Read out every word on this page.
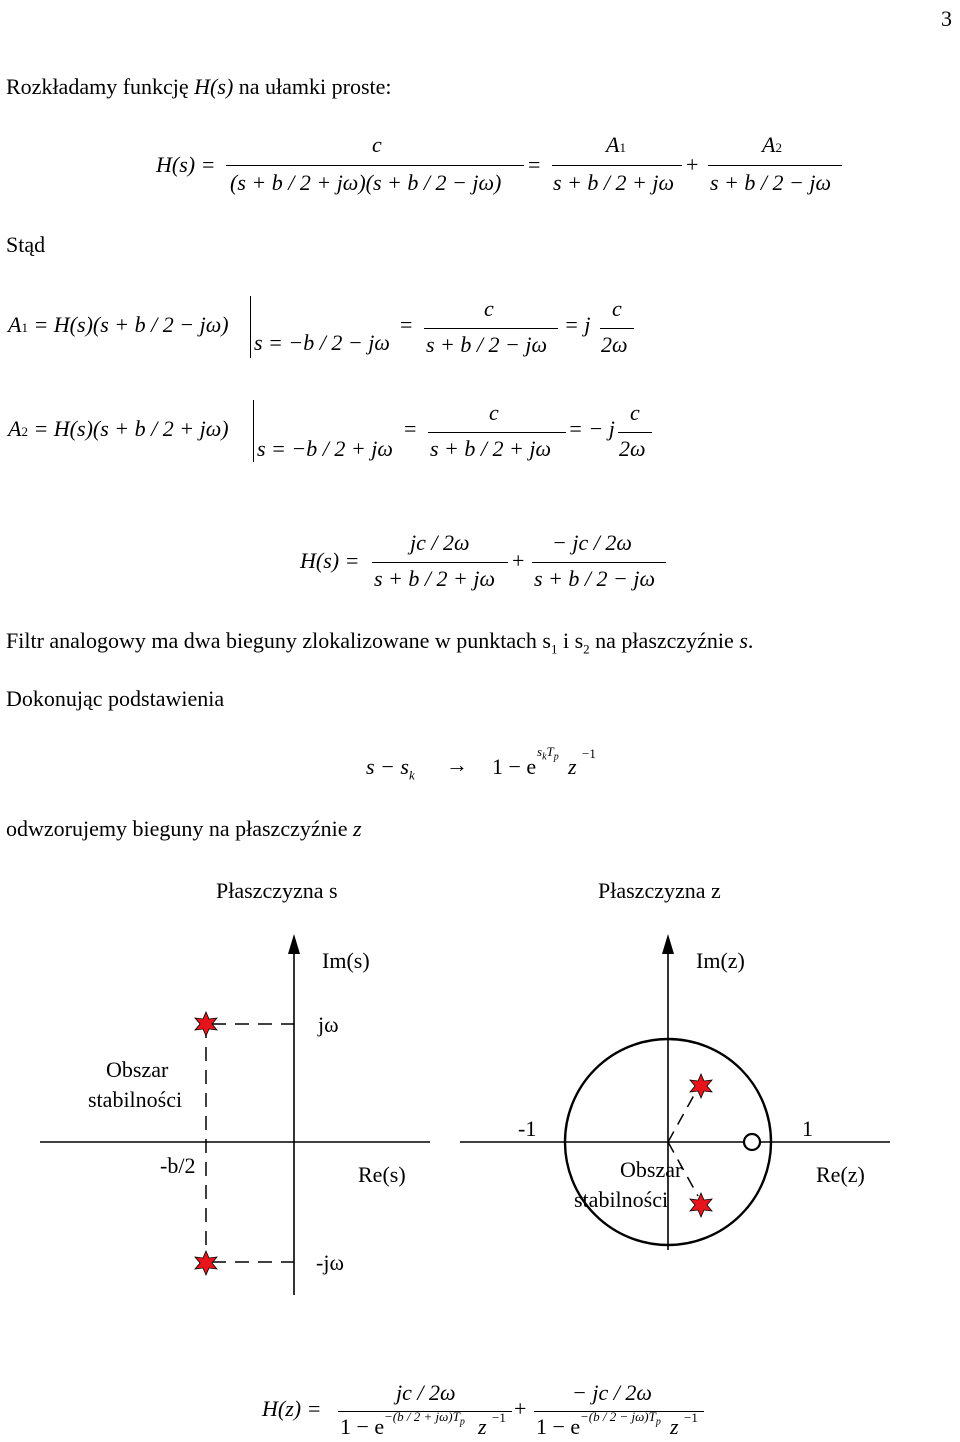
3
Rozkładamy funkcję H(s) na ułamki proste:
H(s) =
c
(s + b / 2 + jω)(s + b / 2 − jω)
=
A1
s + b / 2 + jω
+
A2
s + b / 2 − jω
Stąd
A1 = H(s)(s + b / 2 − jω)
s = −b / 2 − jω
=
c
s + b / 2 − jω
= j
c
2ω
A2 = H(s)(s + b / 2 + jω)
s = −b / 2 + jω
=
c
s + b / 2 + jω
= − j
c
2ω
H(s) =
jc / 2ω
s + b / 2 + jω
+
− jc / 2ω
s + b / 2 − jω
Filtr analogowy ma dwa bieguny zlokalizowane w punktach $s_1$ i $s_2$ na płaszczyźnie s.
Dokonując podstawienia
$s - s_k \to 1 - e$
$s_kT_p$ z
−1
odwzorujemy bieguny na płaszczyźnie z
Płaszczyzna s	Płaszczyzna z
Im(s)
jω
-jω
Re(s)
-b/2
Obszar
stabilności
Im(z)
-1	1
Re(z)
Obszar
stabilności
H(z) =
jc / 2ω
$1 - e -(b / 2 + j\omega)T_p$ z −1 +
− jc / 2ω
$1 - e -(b / 2 - j\omega)T_p$ z −1
